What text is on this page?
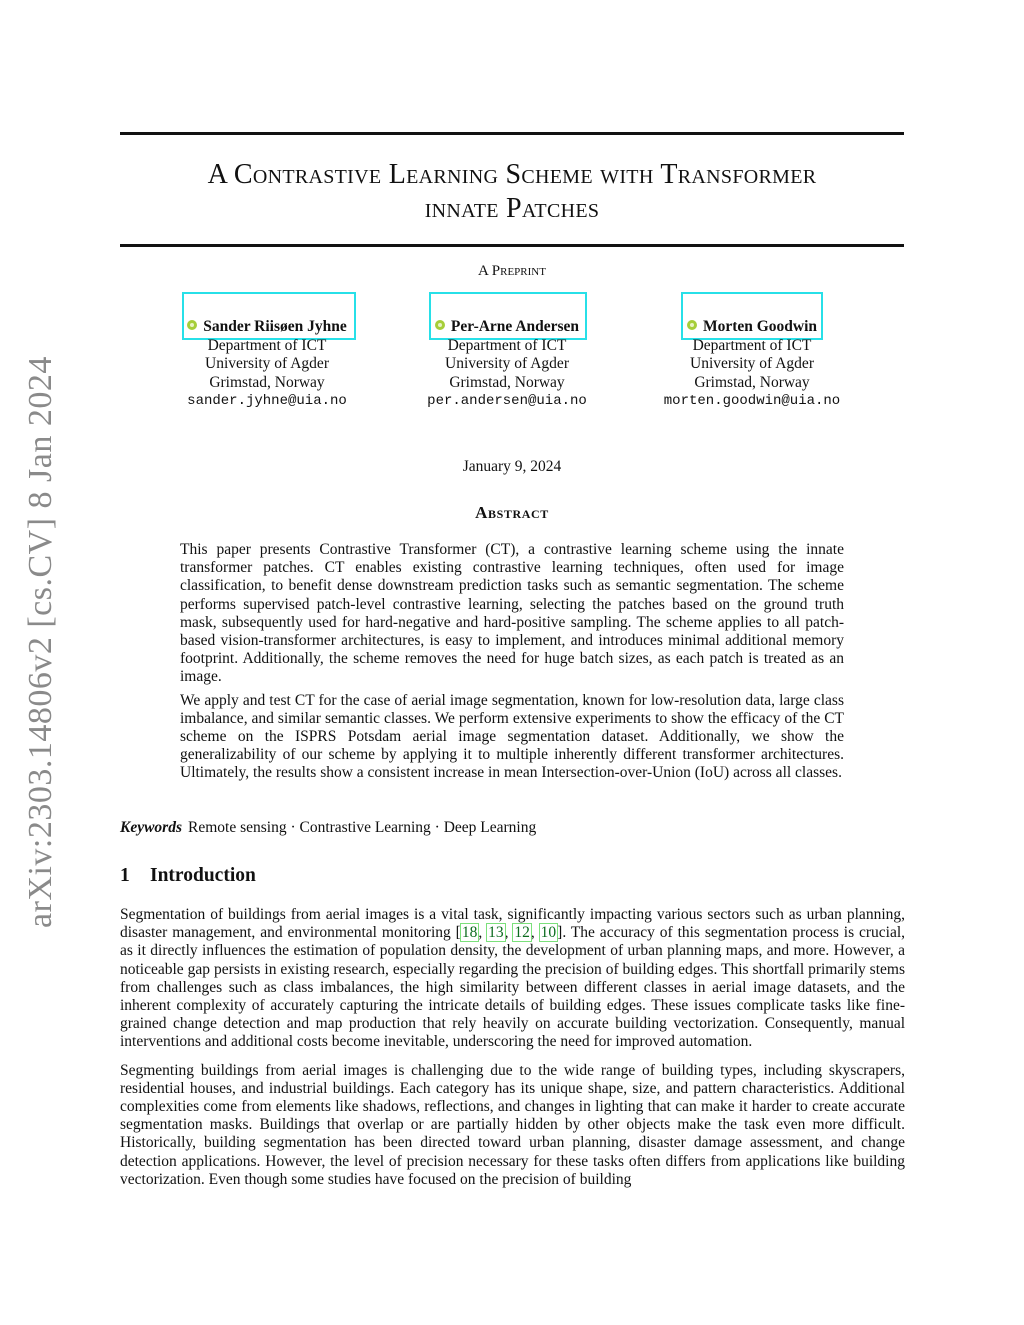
arXiv:2303.14806v2 [cs.CV] 8 Jan 2024
A Contrastive Learning Scheme with Transformer
innate Patches
A Preprint
Sander Riisøen Jyhne
Department of ICT
University of Agder
Grimstad, Norway
sander.jyhne@uia.no
Per-Arne Andersen
Department of ICT
University of Agder
Grimstad, Norway
per.andersen@uia.no
Morten Goodwin
Department of ICT
University of Agder
Grimstad, Norway
morten.goodwin@uia.no
January 9, 2024
Abstract

This paper presents Contrastive Transformer (CT), a contrastive learning scheme using the innate transformer patches. CT enables existing contrastive learning techniques, often used for image classification, to benefit dense downstream prediction tasks such as semantic segmentation. The scheme performs supervised patch-level contrastive learning, selecting the patches based on the ground truth mask, subsequently used for hard-negative and hard-positive sampling. The scheme applies to all patch-based vision-transformer architectures, is easy to implement, and introduces minimal additional memory footprint. Additionally, the scheme removes the need for huge batch sizes, as each patch is treated as an image.

We apply and test CT for the case of aerial image segmentation, known for low-resolution data, large class imbalance, and similar semantic classes. We perform extensive experiments to show the efficacy of the CT scheme on the ISPRS Potsdam aerial image segmentation dataset. Additionally, we show the generalizability of our scheme by applying it to multiple inherently different transformer architectures. Ultimately, the results show a consistent increase in mean Intersection-over-Union (IoU) across all classes.

Keywords Remote sensing · Contrastive Learning · Deep Learning
1 Introduction

Segmentation of buildings from aerial images is a vital task, significantly impacting various sectors such as urban planning, disaster management, and environmental monitoring [18, 13, 12, 10]. The accuracy of this segmentation process is crucial, as it directly influences the estimation of population density, the development of urban planning maps, and more. However, a noticeable gap persists in existing research, especially regarding the precision of building edges. This shortfall primarily stems from challenges such as class imbalances, the high similarity between different classes in aerial image datasets, and the inherent complexity of accurately capturing the intricate details of building edges. These issues complicate tasks like fine-grained change detection and map production that rely heavily on accurate building vectorization. Consequently, manual interventions and additional costs become inevitable, underscoring the need for improved automation.

Segmenting buildings from aerial images is challenging due to the wide range of building types, including skyscrapers, residential houses, and industrial buildings. Each category has its unique shape, size, and pattern characteristics. Additional complexities come from elements like shadows, reflections, and changes in lighting that can make it harder to create accurate segmentation masks. Buildings that overlap or are partially hidden by other objects make the task even more difficult. Historically, building segmentation has been directed toward urban planning, disaster damage assessment, and change detection applications. However, the level of precision necessary for these tasks often differs from applications like building vectorization. Even though some studies have focused on the precision of building
